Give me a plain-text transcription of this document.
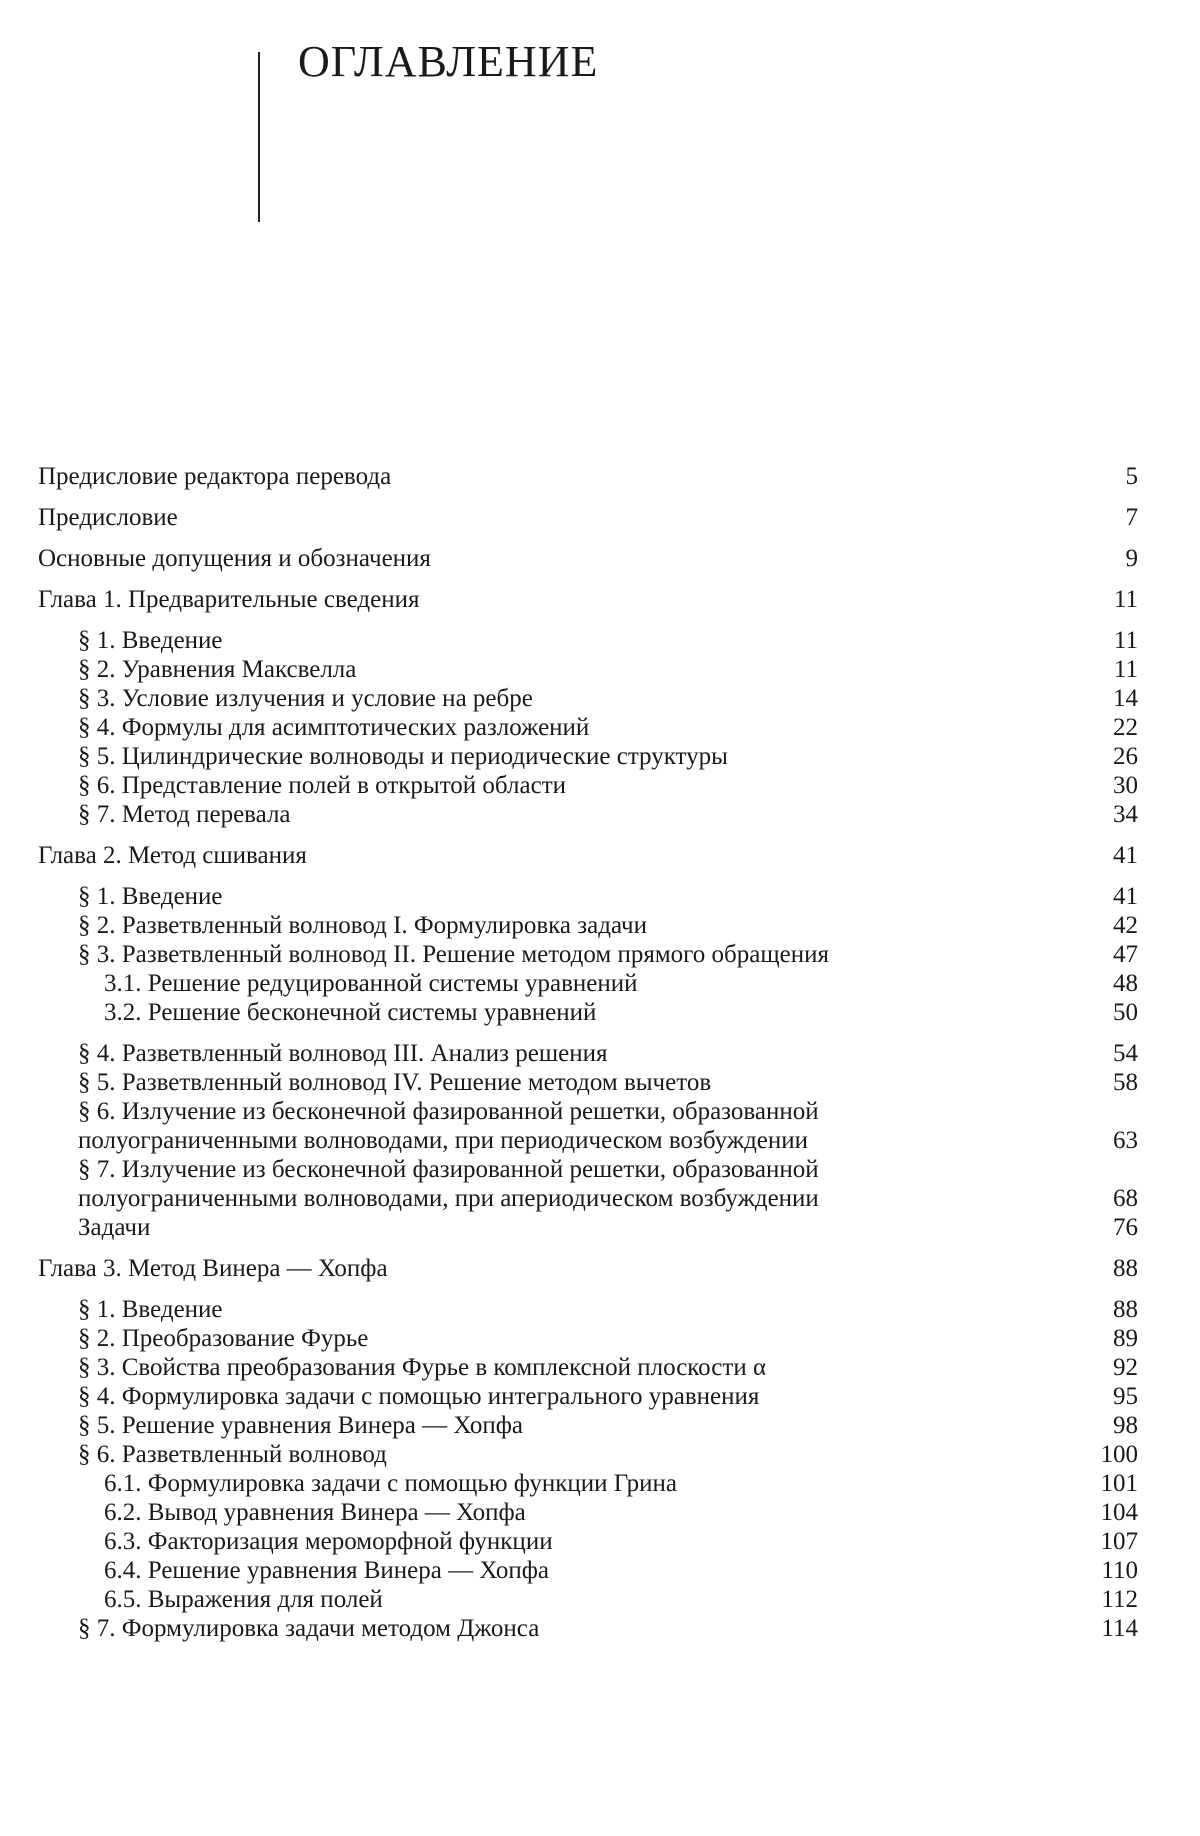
ОГЛАВЛЕНИЕ
Предисловие редактора перевода	5
Предисловие	7
Основные допущения и обозначения	9
Глава 1. Предварительные сведения	11
§ 1. Введение	11
§ 2. Уравнения Максвелла	11
§ 3. Условие излучения и условие на ребре	14
§ 4. Формулы для асимптотических разложений	22
§ 5. Цилиндрические волноводы и периодические структуры	26
§ 6. Представление полей в открытой области	30
§ 7. Метод перевала	34
Глава 2. Метод сшивания	41
§ 1. Введение	41
§ 2. Разветвленный волновод I. Формулировка задачи	42
§ 3. Разветвленный волновод II. Решение методом прямого обращения	47
3.1. Решение редуцированной системы уравнений	48
3.2. Решение бесконечной системы уравнений	50
§ 4. Разветвленный волновод III. Анализ решения	54
§ 5. Разветвленный волновод IV. Решение методом вычетов	58
§ 6. Излучение из бесконечной фазированной решетки, образованной полуограниченными волноводами, при периодическом возбуждении	63
§ 7. Излучение из бесконечной фазированной решетки, образованной полуограниченными волноводами, при апериодическом возбуждении	68
Задачи	76
Глава 3. Метод Винера — Хопфа	88
§ 1. Введение	88
§ 2. Преобразование Фурье	89
§ 3. Свойства преобразования Фурье в комплексной плоскости α	92
§ 4. Формулировка задачи с помощью интегрального уравнения	95
§ 5. Решение уравнения Винера — Хопфа	98
§ 6. Разветвленный волновод	100
6.1. Формулировка задачи с помощью функции Грина	101
6.2. Вывод уравнения Винера — Хопфа	104
6.3. Факторизация мероморфной функции	107
6.4. Решение уравнения Винера — Хопфа	110
6.5. Выражения для полей	112
§ 7. Формулировка задачи методом Джонса	114
